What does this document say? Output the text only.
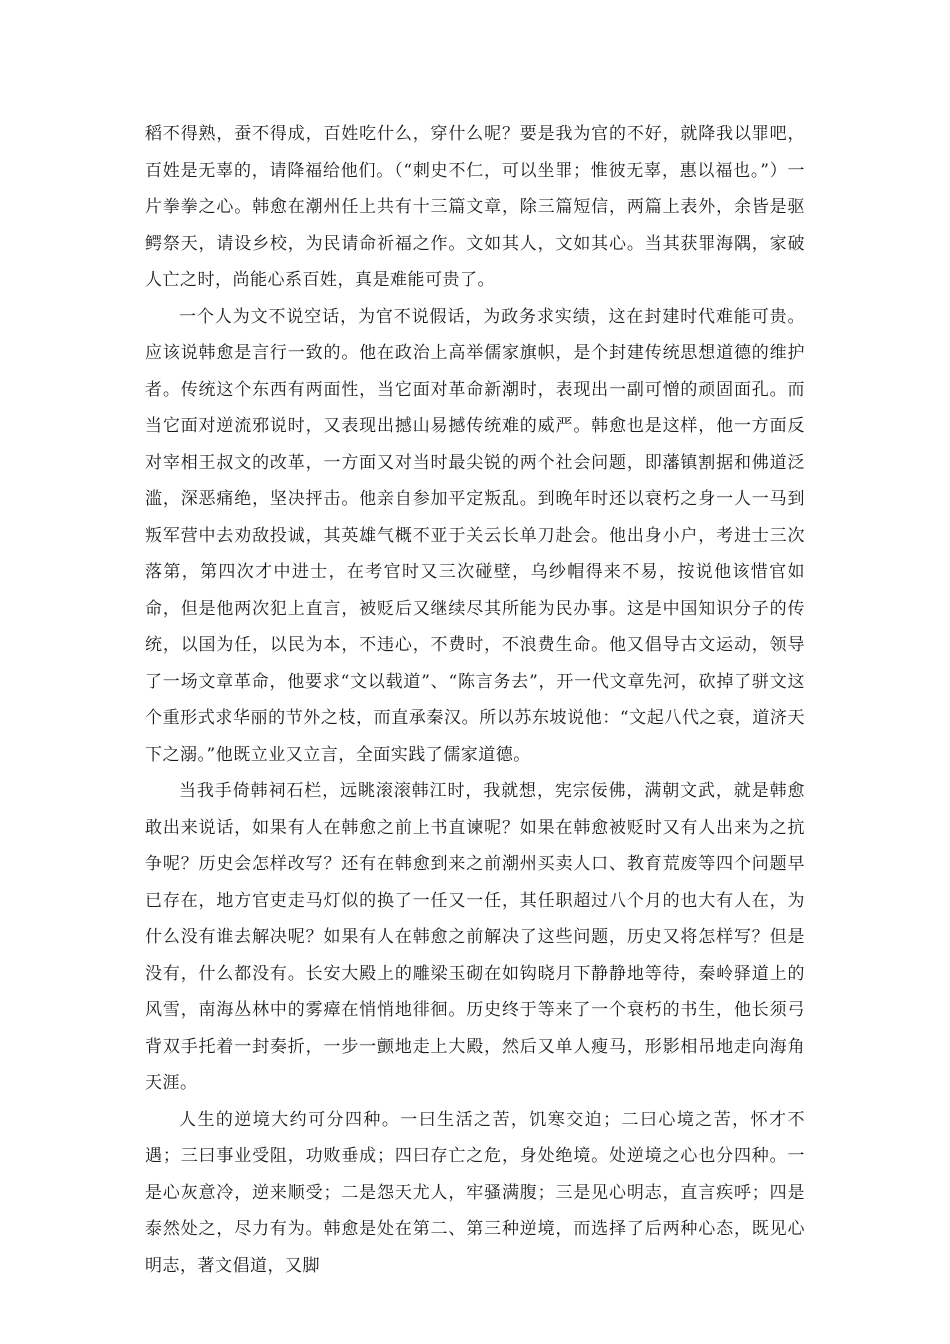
稻不得熟，蚕不得成，百姓吃什么，穿什么呢？要是我为官的不好，就降我以罪吧，百姓是无辜的，请降福给他们。（“刺史不仁，可以坐罪；惟彼无辜，惠以福也。”）一片拳拳之心。韩愈在潮州任上共有十三篇文章，除三篇短信，两篇上表外，余皆是驱鳄祭天，请设乡校，为民请命祈福之作。文如其人，文如其心。当其获罪海隅，家破人亡之时，尚能心系百姓，真是难能可贵了。

一个人为文不说空话，为官不说假话，为政务求实绩，这在封建时代难能可贵。应该说韩愈是言行一致的。他在政治上高举儒家旗帜，是个封建传统思想道德的维护者。传统这个东西有两面性，当它面对革命新潮时，表现出一副可憎的顽固面孔。而当它面对逆流邪说时，又表现出撼山易撼传统难的威严。韩愈也是这样，他一方面反对宰相王叔文的改革，一方面又对当时最尖锐的两个社会问题，即藩镇割据和佛道泛滥，深恶痛绝，坚决抨击。他亲自参加平定叛乱。到晚年时还以衰朽之身一人一马到叛军营中去劝敌投诚，其英雄气概不亚于关云长单刀赴会。他出身小户，考进士三次落第，第四次才中进士，在考官时又三次碰壁，乌纱帽得来不易，按说他该惜官如命，但是他两次犯上直言，被贬后又继续尽其所能为民办事。这是中国知识分子的传统，以国为任，以民为本，不违心，不费时，不浪费生命。他又倡导古文运动，领导了一场文章革命，他要求“文以载道”、“陈言务去”，开一代文章先河，砍掉了骈文这个重形式求华丽的节外之枝，而直承秦汉。所以苏东坡说他：“文起八代之衰，道济天下之溺。”他既立业又立言，全面实践了儒家道德。

当我手倚韩祠石栏，远眺滚滚韩江时，我就想，宪宗佞佛，满朝文武，就是韩愈敢出来说话，如果有人在韩愈之前上书直谏呢？如果在韩愈被贬时又有人出来为之抗争呢？历史会怎样改写？还有在韩愈到来之前潮州买卖人口、教育荒废等四个问题早已存在，地方官吏走马灯似的换了一任又一任，其任职超过八个月的也大有人在，为什么没有谁去解决呢？如果有人在韩愈之前解决了这些问题，历史又将怎样写？但是没有，什么都没有。长安大殿上的雕梁玉砌在如钩晓月下静静地等待，秦岭驿道上的风雪，南海丛林中的雾瘴在悄悄地徘徊。历史终于等来了一个衰朽的书生，他长须弓背双手托着一封奏折，一步一颤地走上大殿，然后又单人瘦马，形影相吊地走向海角天涯。

人生的逆境大约可分四种。一曰生活之苦，饥寒交迫；二曰心境之苦，怀才不遇；三曰事业受阻，功败垂成；四曰存亡之危，身处绝境。处逆境之心也分四种。一是心灰意冷，逆来顺受；二是怨天尤人，牢骚满腹；三是见心明志，直言疾呼；四是泰然处之，尽力有为。韩愈是处在第二、第三种逆境，而选择了后两种心态，既见心明志，著文倡道，又脚
